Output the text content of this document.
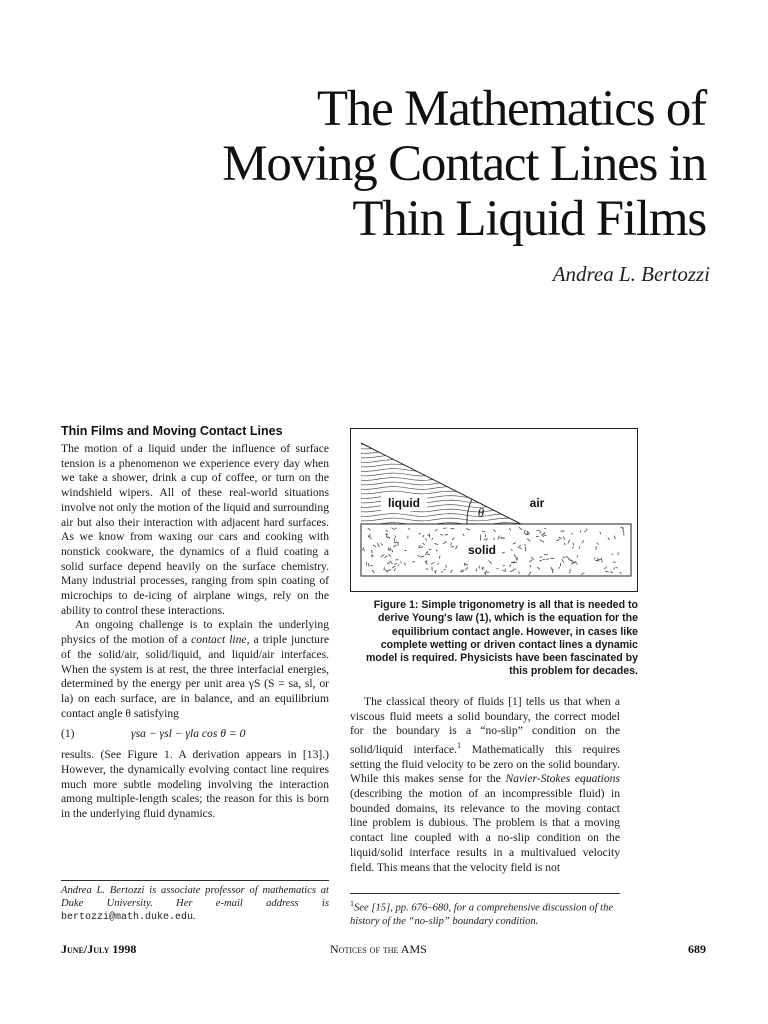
The Mathematics of
Moving Contact Lines in
Thin Liquid Films
Andrea L. Bertozzi
Thin Films and Moving Contact Lines

The motion of a liquid under the influence of surface tension is a phenomenon we experience every day when we take a shower, drink a cup of coffee, or turn on the windshield wipers. All of these real-world situations involve not only the motion of the liquid and surrounding air but also their interaction with adjacent hard surfaces. As we know from waxing our cars and cooking with nonstick cookware, the dynamics of a fluid coating a solid surface depend heavily on the surface chemistry. Many industrial processes, ranging from spin coating of microchips to de-icing of airplane wings, rely on the ability to control these interactions.

An ongoing challenge is to explain the underlying physics of the motion of a contact line, a triple juncture of the solid/air, solid/liquid, and liquid/air interfaces. When the system is at rest, the three interfacial energies, determined by the energy per unit area γS (S = sa, sl, or la) on each surface, are in balance, and an equilibrium contact angle θ satisfying

(1)	γsa − γsl − γla cos θ = 0

results. (See Figure 1. A derivation appears in [13].) However, the dynamically evolving contact line requires much more subtle modeling involving the interaction among multiple-length scales; the reason for this is born in the underlying fluid dynamics.

Andrea L. Bertozzi is associate professor of mathematics at Duke University. Her e-mail address is bertozzi@math.duke.edu.
liquid	air
θ
solid

Figure 1: Simple trigonometry is all that is needed to derive Young's law (1), which is the equation for the equilibrium contact angle. However, in cases like complete wetting or driven contact lines a dynamic model is required. Physicists have been fascinated by this problem for decades.

The classical theory of fluids [1] tells us that when a viscous fluid meets a solid boundary, the correct model for the boundary is a “no-slip” condition on the solid/liquid interface.$^1$ Mathematically this requires setting the fluid velocity to be zero on the solid boundary. While this makes sense for the Navier-Stokes equations (describing the motion of an incompressible fluid) in bounded domains, its relevance to the moving contact line problem is dubious. The problem is that a moving contact line coupled with a no-slip condition on the liquid/solid interface results in a multivalued velocity field. This means that the velocity field is not

$^1$See [15], pp. 676–680, for a comprehensive discussion of the history of the “no-slip” boundary condition.
June/July 1998	Notices of the AMS	689
